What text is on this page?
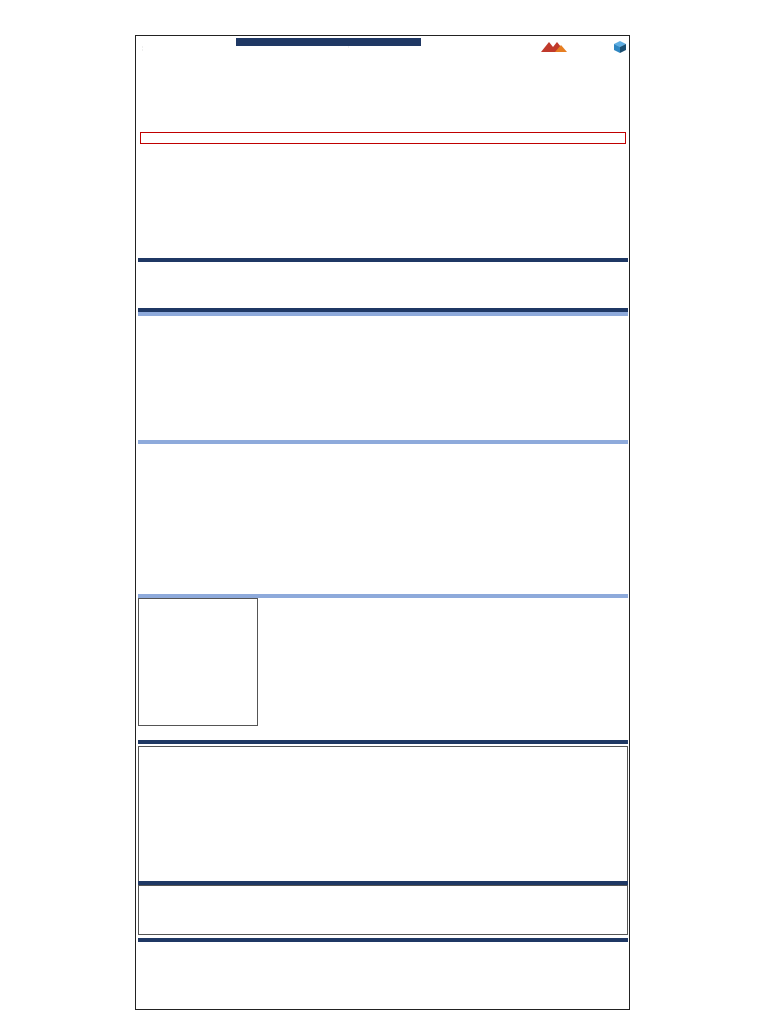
:
:
:
